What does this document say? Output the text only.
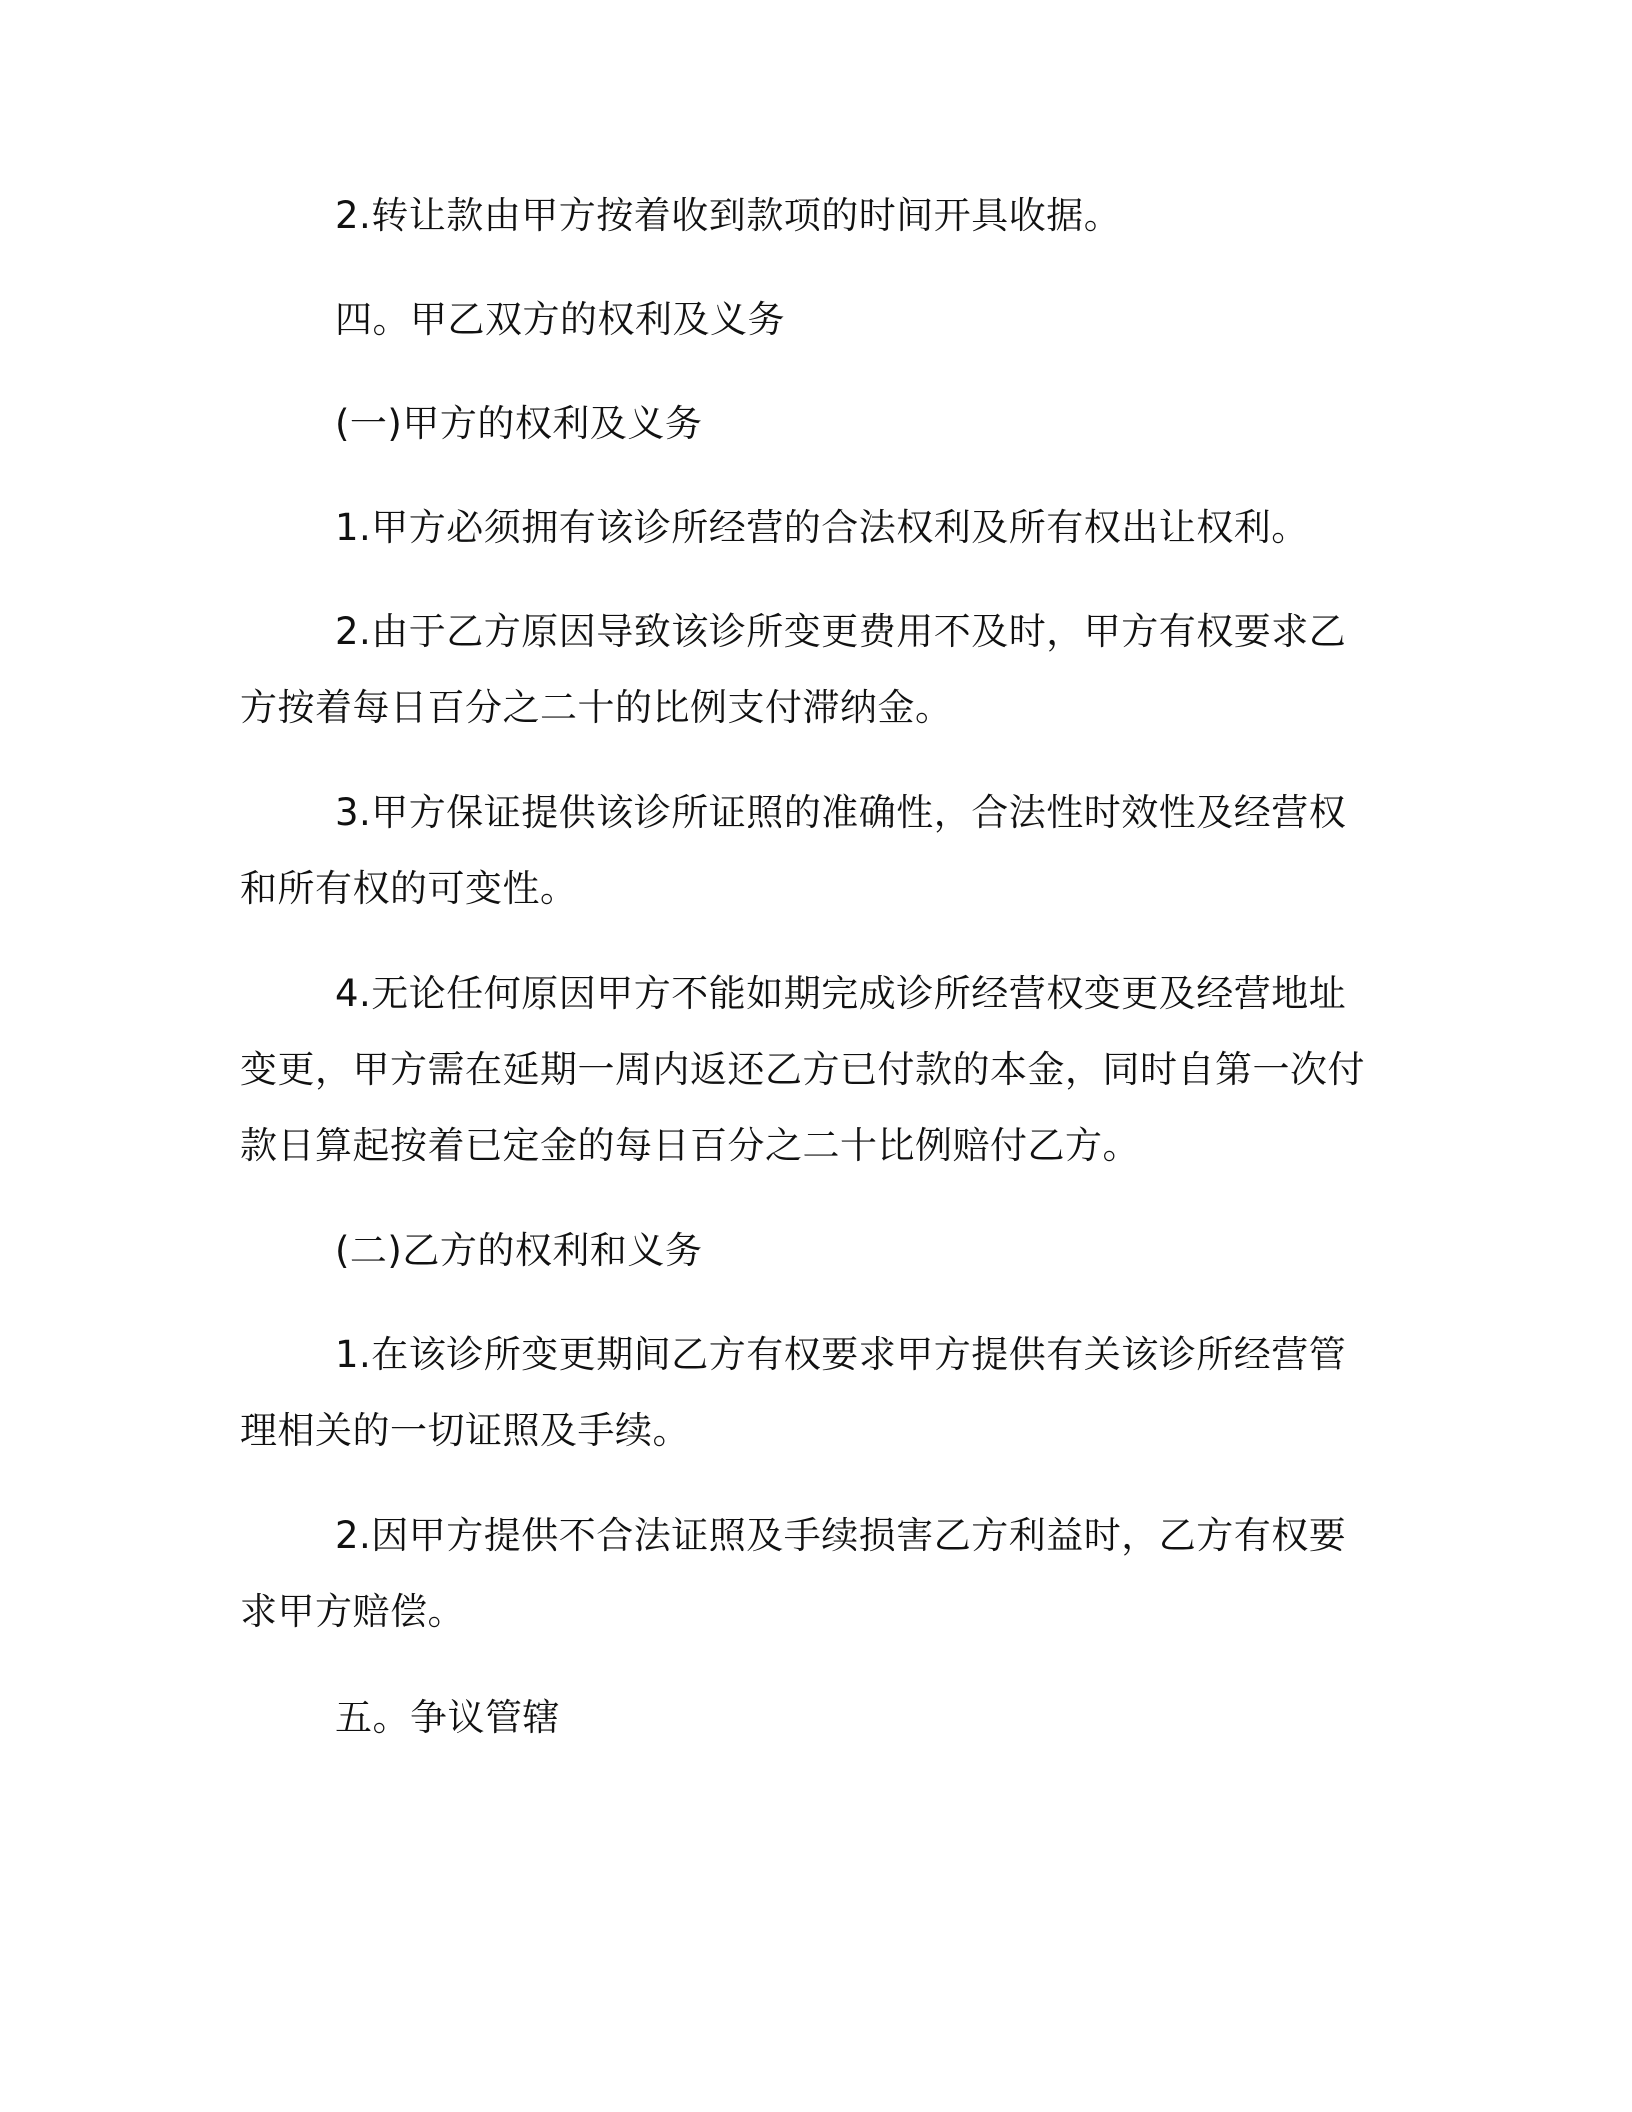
2.转让款由甲方按着收到款项的时间开具收据。

四。甲乙双方的权利及义务

(一)甲方的权利及义务

1.甲方必须拥有该诊所经营的合法权利及所有权出让权利。

2.由于乙方原因导致该诊所变更费用不及时，甲方有权要求乙方按着每日百分之二十的比例支付滞纳金。

3.甲方保证提供该诊所证照的准确性，合法性时效性及经营权和所有权的可变性。

4.无论任何原因甲方不能如期完成诊所经营权变更及经营地址变更，甲方需在延期一周内返还乙方已付款的本金，同时自第一次付款日算起按着已定金的每日百分之二十比例赔付乙方。

(二)乙方的权利和义务

1.在该诊所变更期间乙方有权要求甲方提供有关该诊所经营管理相关的一切证照及手续。

2.因甲方提供不合法证照及手续损害乙方利益时，乙方有权要求甲方赔偿。

五。争议管辖
